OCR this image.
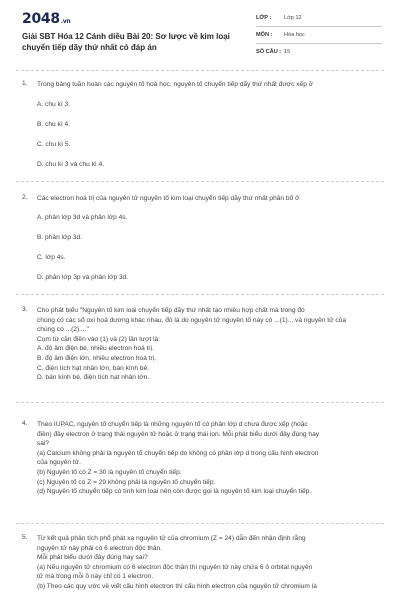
2048.vn
Giải SBT Hóa 12 Cánh diều Bài 20: Sơ lược về kim loại chuyển tiếp dãy thứ nhất có đáp án
LỚP : Lớp 12
MÔN : Hóa học
SỐ CÂU : 15
1. Trong bảng tuần hoàn các nguyên tố hoá học, nguyên tố chuyển tiếp dãy thứ nhất được xếp ở
A. chu kì 3.
B. chu kì 4.
C. chu kì 5.
D. chu kì 3 và chu kì 4.
2. Các electron hoá trị của nguyên tử nguyên tố kim loại chuyển tiếp dãy thứ nhất phân bố ở
A. phân lớp 3d và phân lớp 4s.
B. phân lớp 3d.
C. lớp 4s.
D. phân lớp 3p và phân lớp 3d.
3. Cho phát biểu "Nguyên tố kim loại chuyển tiếp dãy thứ nhất tạo nhiều hợp chất mà trong đó
chúng có các số oxi hoá dương khác nhau, đó là do nguyên tử nguyên tố này có ...(1)... và nguyên tử của
chúng có ...(2)...."
Cụm từ cần điền vào (1) và (2) lần lượt là:
A. độ âm điện bé, nhiều electron hoá trị.
B. độ âm điện lớn, nhiều electron hoá trị.
C. điện tích hạt nhân lớn, bán kính bé.
D. bán kính bé, điện tích hạt nhân lớn.
4. Theo IUPAC, nguyên tố chuyển tiếp là những nguyên tố có phân lớp d chưa được xếp (hoặc
điền) đầy electron ở trạng thái nguyên tử hoặc ở trạng thái ion. Mỗi phát biểu dưới đây đúng hay
sai?
(a) Calcium không phải là nguyên tố chuyển tiếp do không có phân lớp d trong cấu hình electron
của nguyên tử.
(b) Nguyên tố có Z = 30 là nguyên tố chuyển tiếp.
(c) Nguyên tố có Z = 29 không phải là nguyên tố chuyển tiếp.
(d) Nguyên tố chuyển tiếp có tính kim loại nên còn được gọi là nguyên tố kim loại chuyển tiếp.
5. Từ kết quả phân tích phổ phát xạ nguyên tử của chromium (Z = 24) dẫn đến nhận định rằng
nguyên tử này phải có 6 electron độc thân.
Mỗi phát biểu dưới đây đúng hay sai?
(a) Nếu nguyên tử chromium có 6 electron độc thân thì nguyên tử này chứa 6 ô orbital nguyên
tử mà trong mỗi ô này chỉ có 1 electron.
(b) Theo các quy ước về viết cấu hình electron thì cấu hình electron của nguyên tử chromium là
